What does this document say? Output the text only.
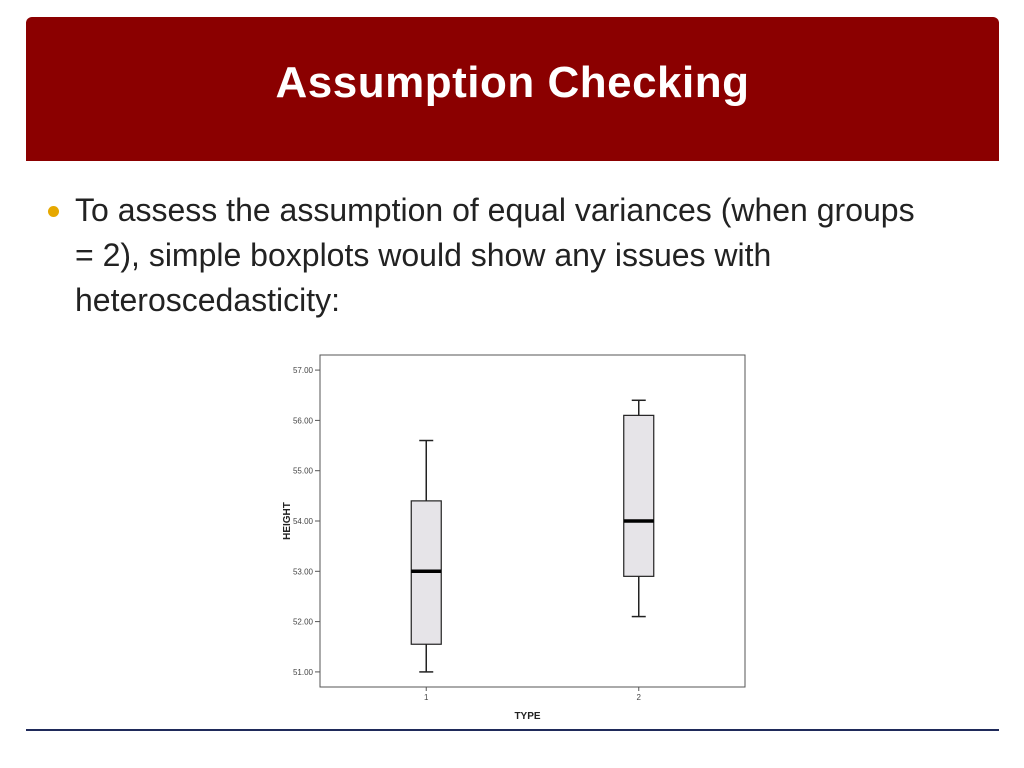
Assumption Checking
To assess the assumption of equal variances (when groups = 2), simple boxplots would show any issues with heteroscedasticity:
51.00
52.00
53.00
54.00
55.00
56.00
57.00
HEIGHT
1	2
TYPE
